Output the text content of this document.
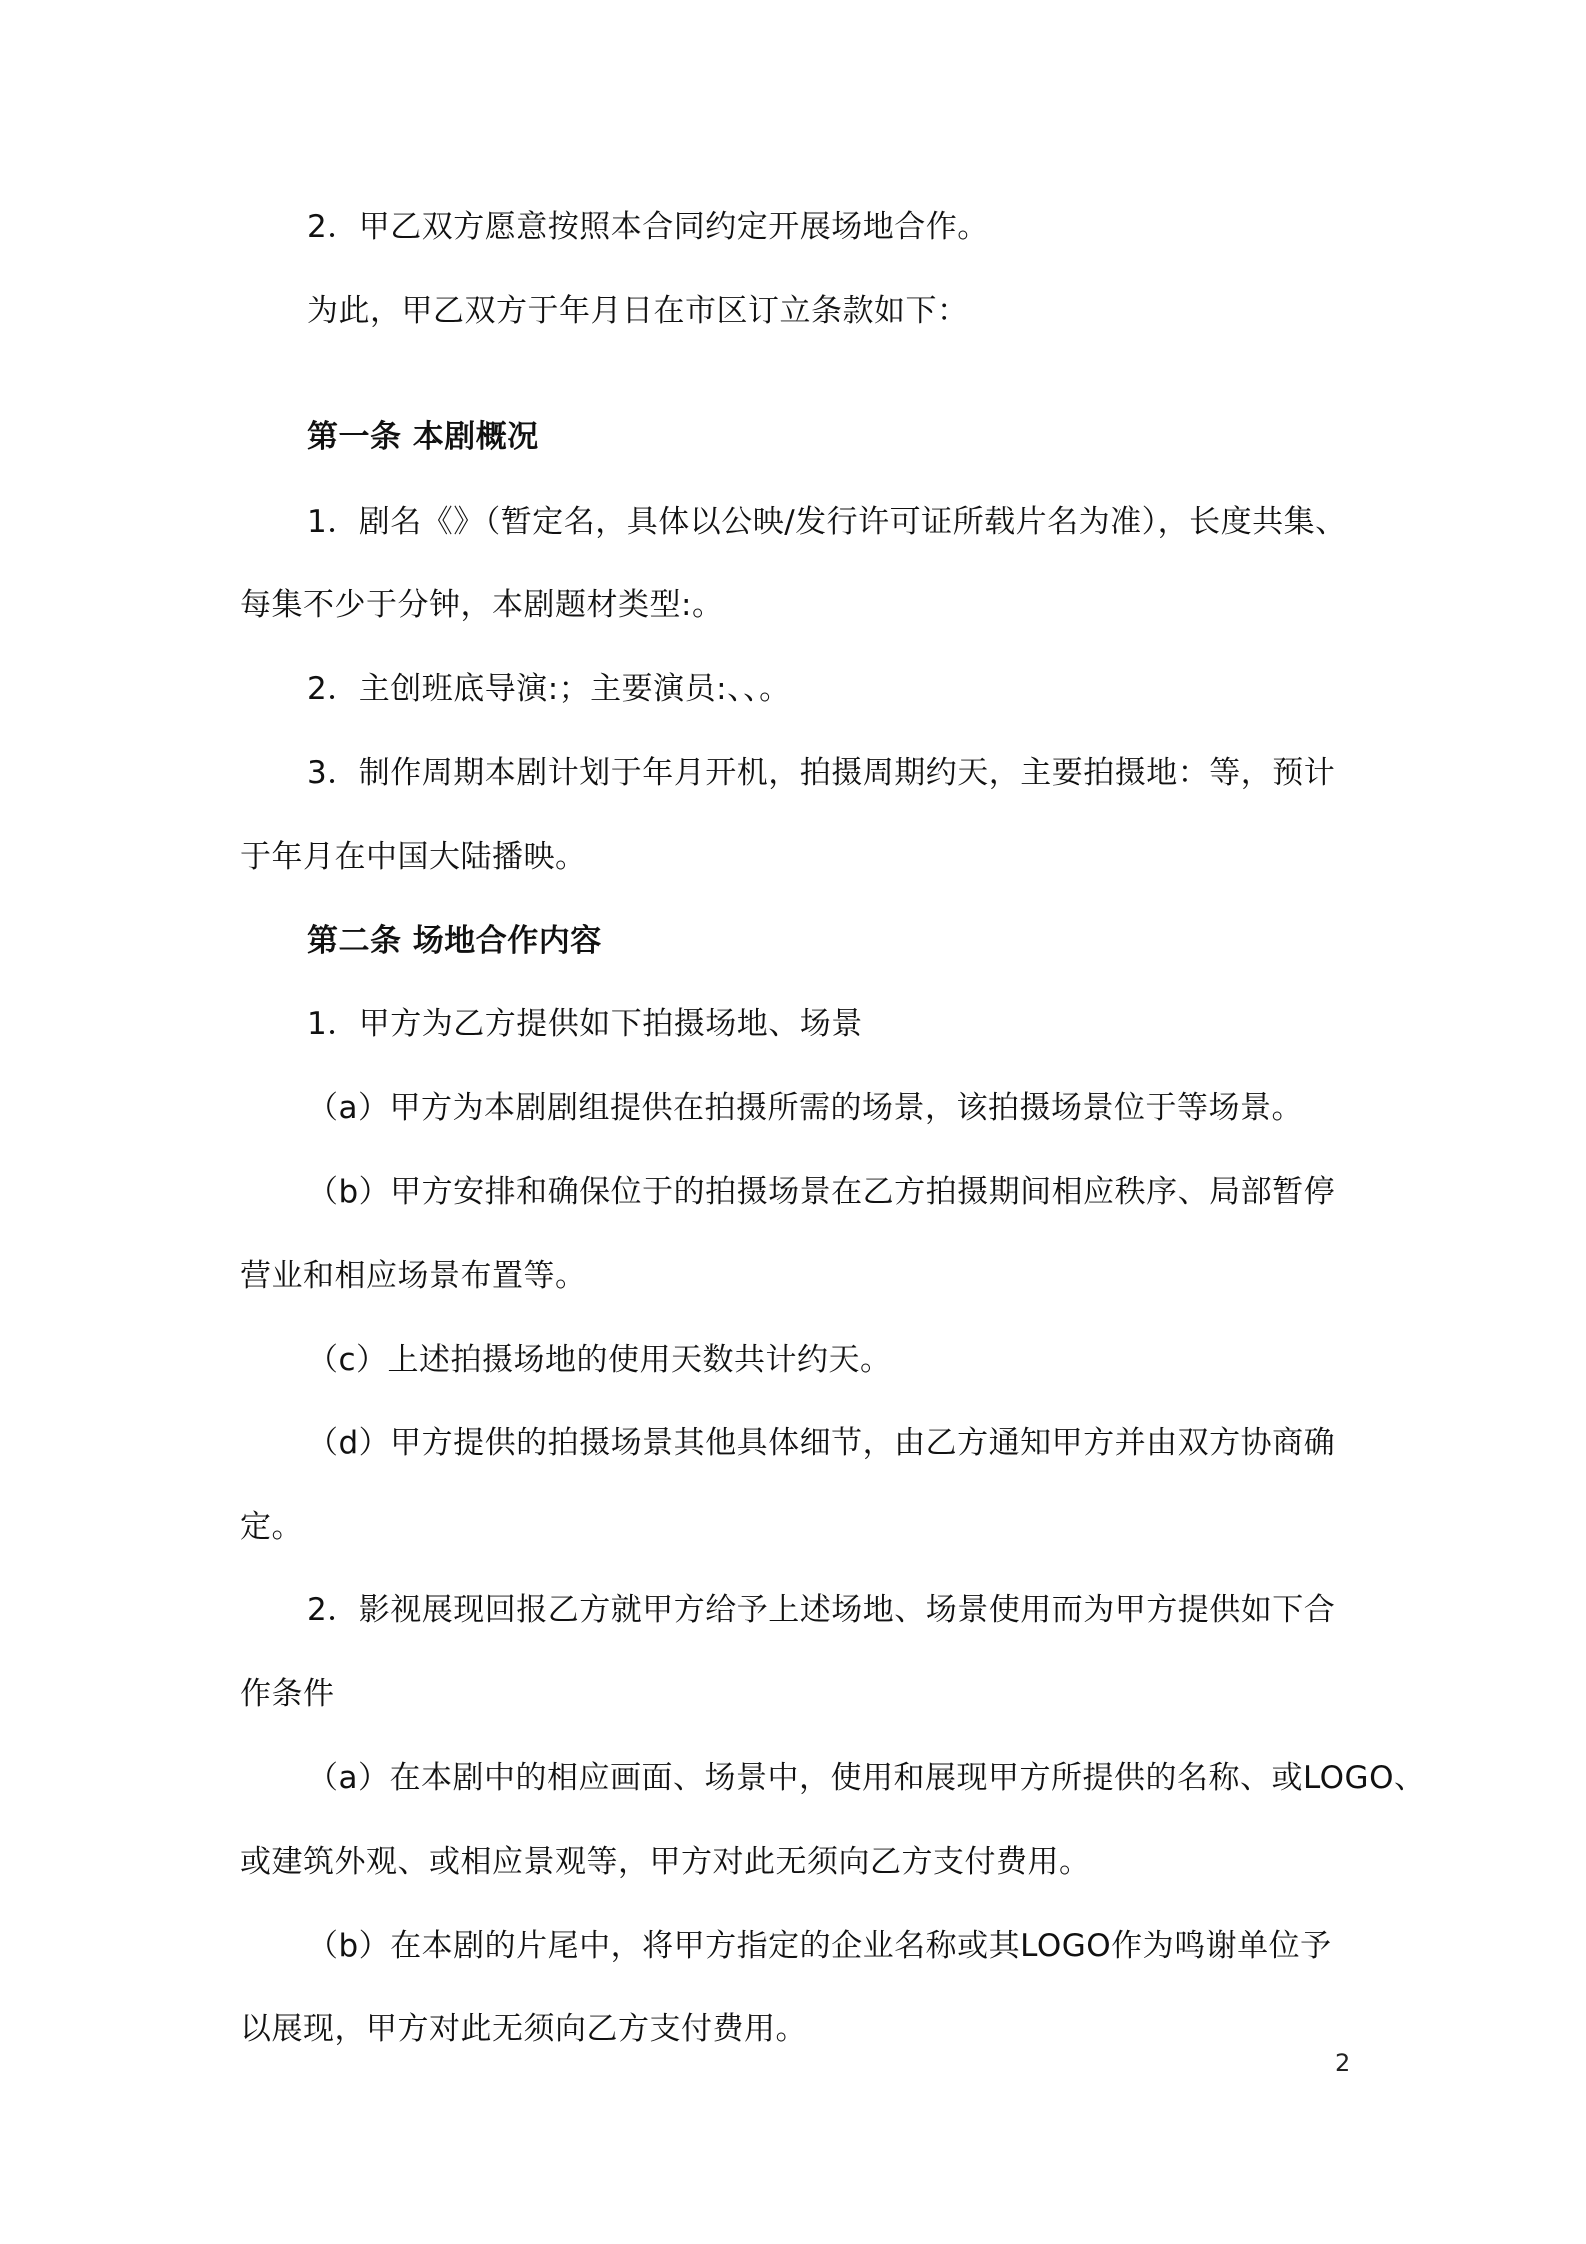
2．甲乙双方愿意按照本合同约定开展场地合作。
为此，甲乙双方于年月日在市区订立条款如下：
第一条 本剧概况
1．剧名《》（暂定名，具体以公映/发行许可证所载片名为准），长度共集、
每集不少于分钟，本剧题材类型:。
2．主创班底导演:；主要演员:、、。
3．制作周期本剧计划于年月开机，拍摄周期约天，主要拍摄地：等，预计
于年月在中国大陆播映。
第二条 场地合作内容
1．甲方为乙方提供如下拍摄场地、场景
（a）甲方为本剧剧组提供在拍摄所需的场景，该拍摄场景位于等场景。
（b）甲方安排和确保位于的拍摄场景在乙方拍摄期间相应秩序、局部暂停
营业和相应场景布置等。
（c）上述拍摄场地的使用天数共计约天。
（d）甲方提供的拍摄场景其他具体细节，由乙方通知甲方并由双方协商确
定。
2．影视展现回报乙方就甲方给予上述场地、场景使用而为甲方提供如下合
作条件
（a）在本剧中的相应画面、场景中，使用和展现甲方所提供的名称、或LOGO、
或建筑外观、或相应景观等，甲方对此无须向乙方支付费用。
（b）在本剧的片尾中，将甲方指定的企业名称或其LOGO作为鸣谢单位予
以展现，甲方对此无须向乙方支付费用。
2
